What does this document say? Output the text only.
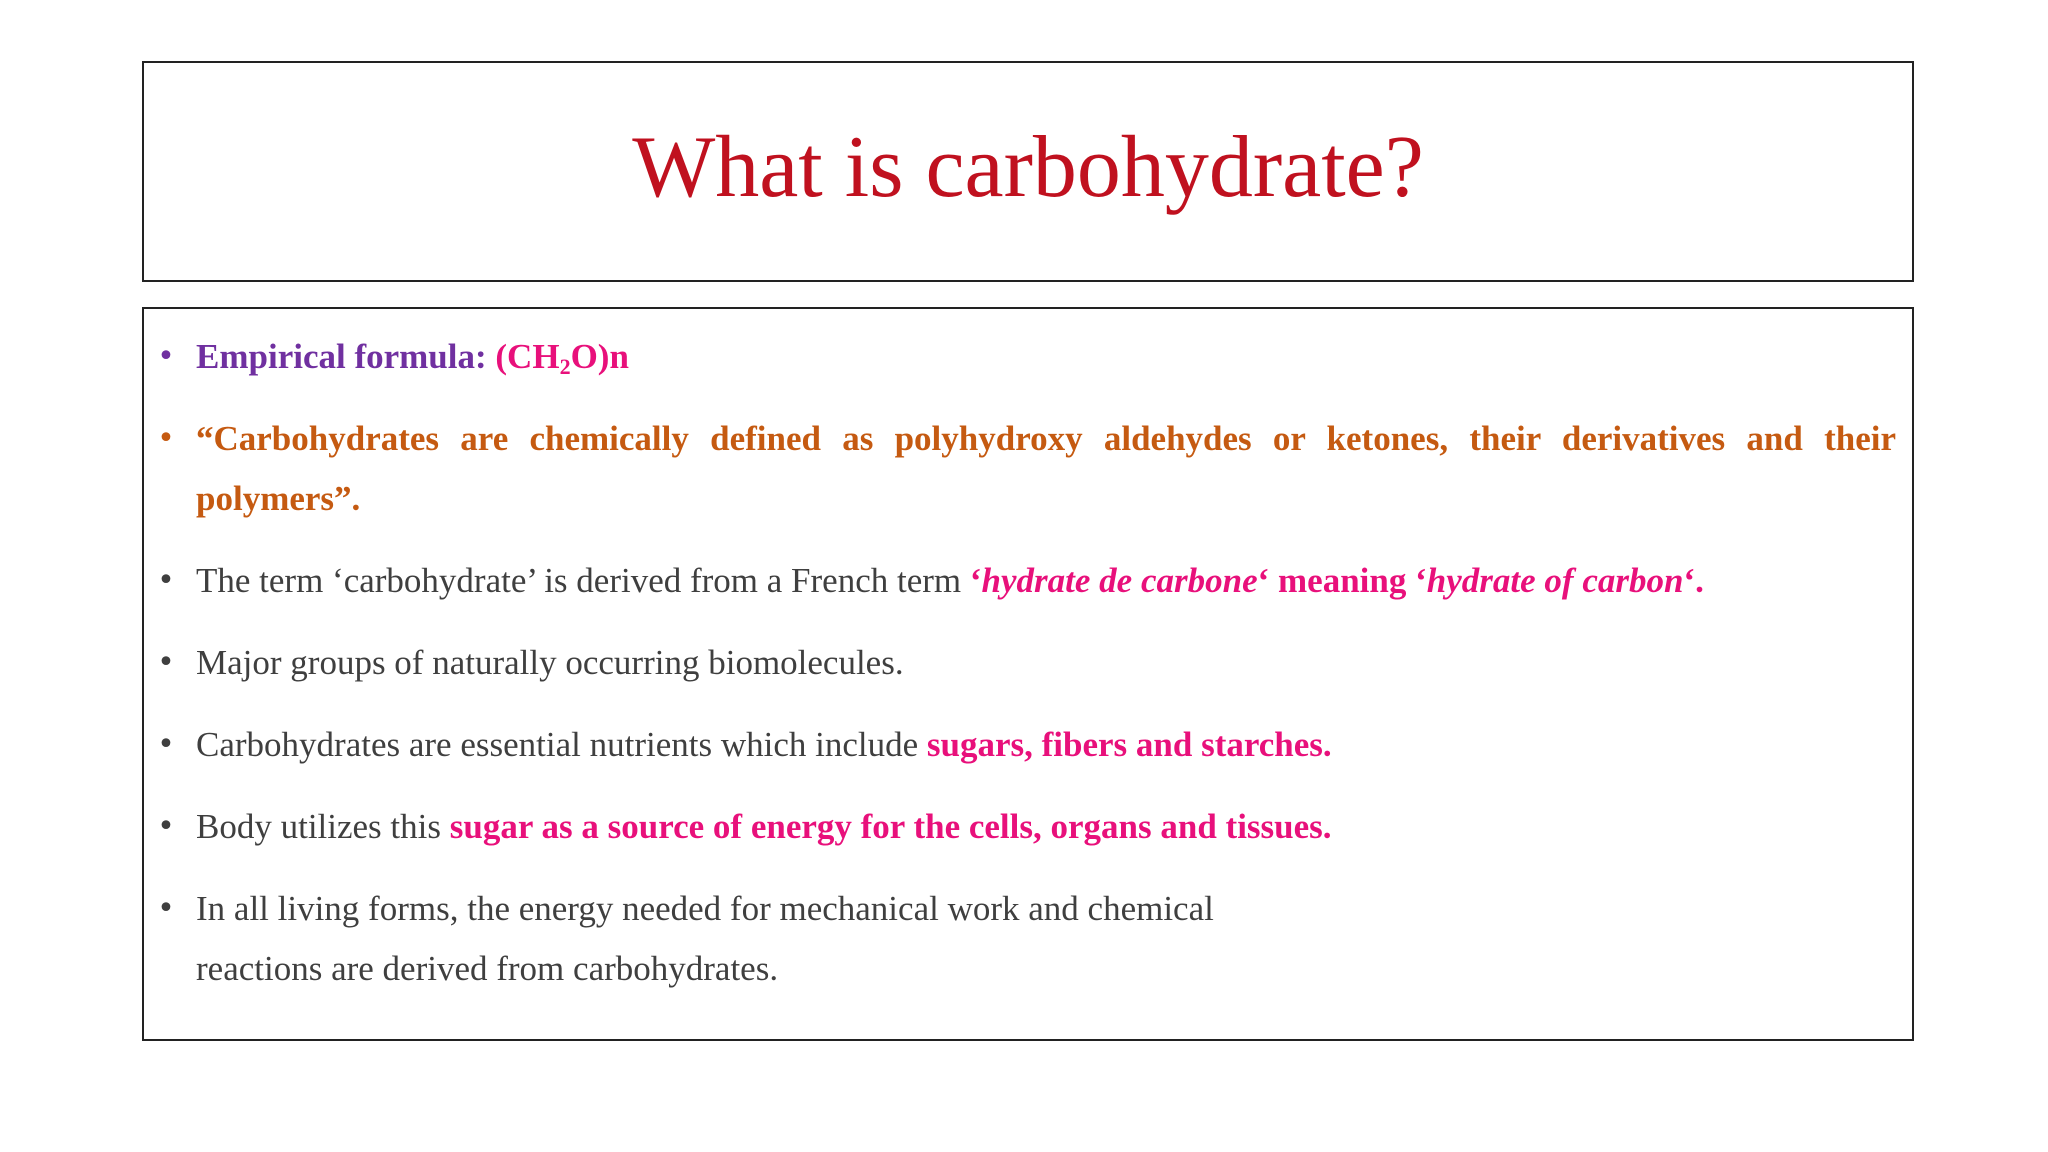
What is carbohydrate?
• Empirical formula: $(CH_2O)n$
• “Carbohydrates are chemically defined as polyhydroxy aldehydes or ketones, their derivatives and their polymers”.
• The term ‘carbohydrate’ is derived from a French term ‘hydrate de carbone‘ meaning ‘hydrate of carbon‘.
• Major groups of naturally occurring biomolecules.
• Carbohydrates are essential nutrients which include sugars, fibers and starches.
• Body utilizes this sugar as a source of energy for the cells, organs and tissues.
• In all living forms, the energy needed for mechanical work and chemical
reactions are derived from carbohydrates.
